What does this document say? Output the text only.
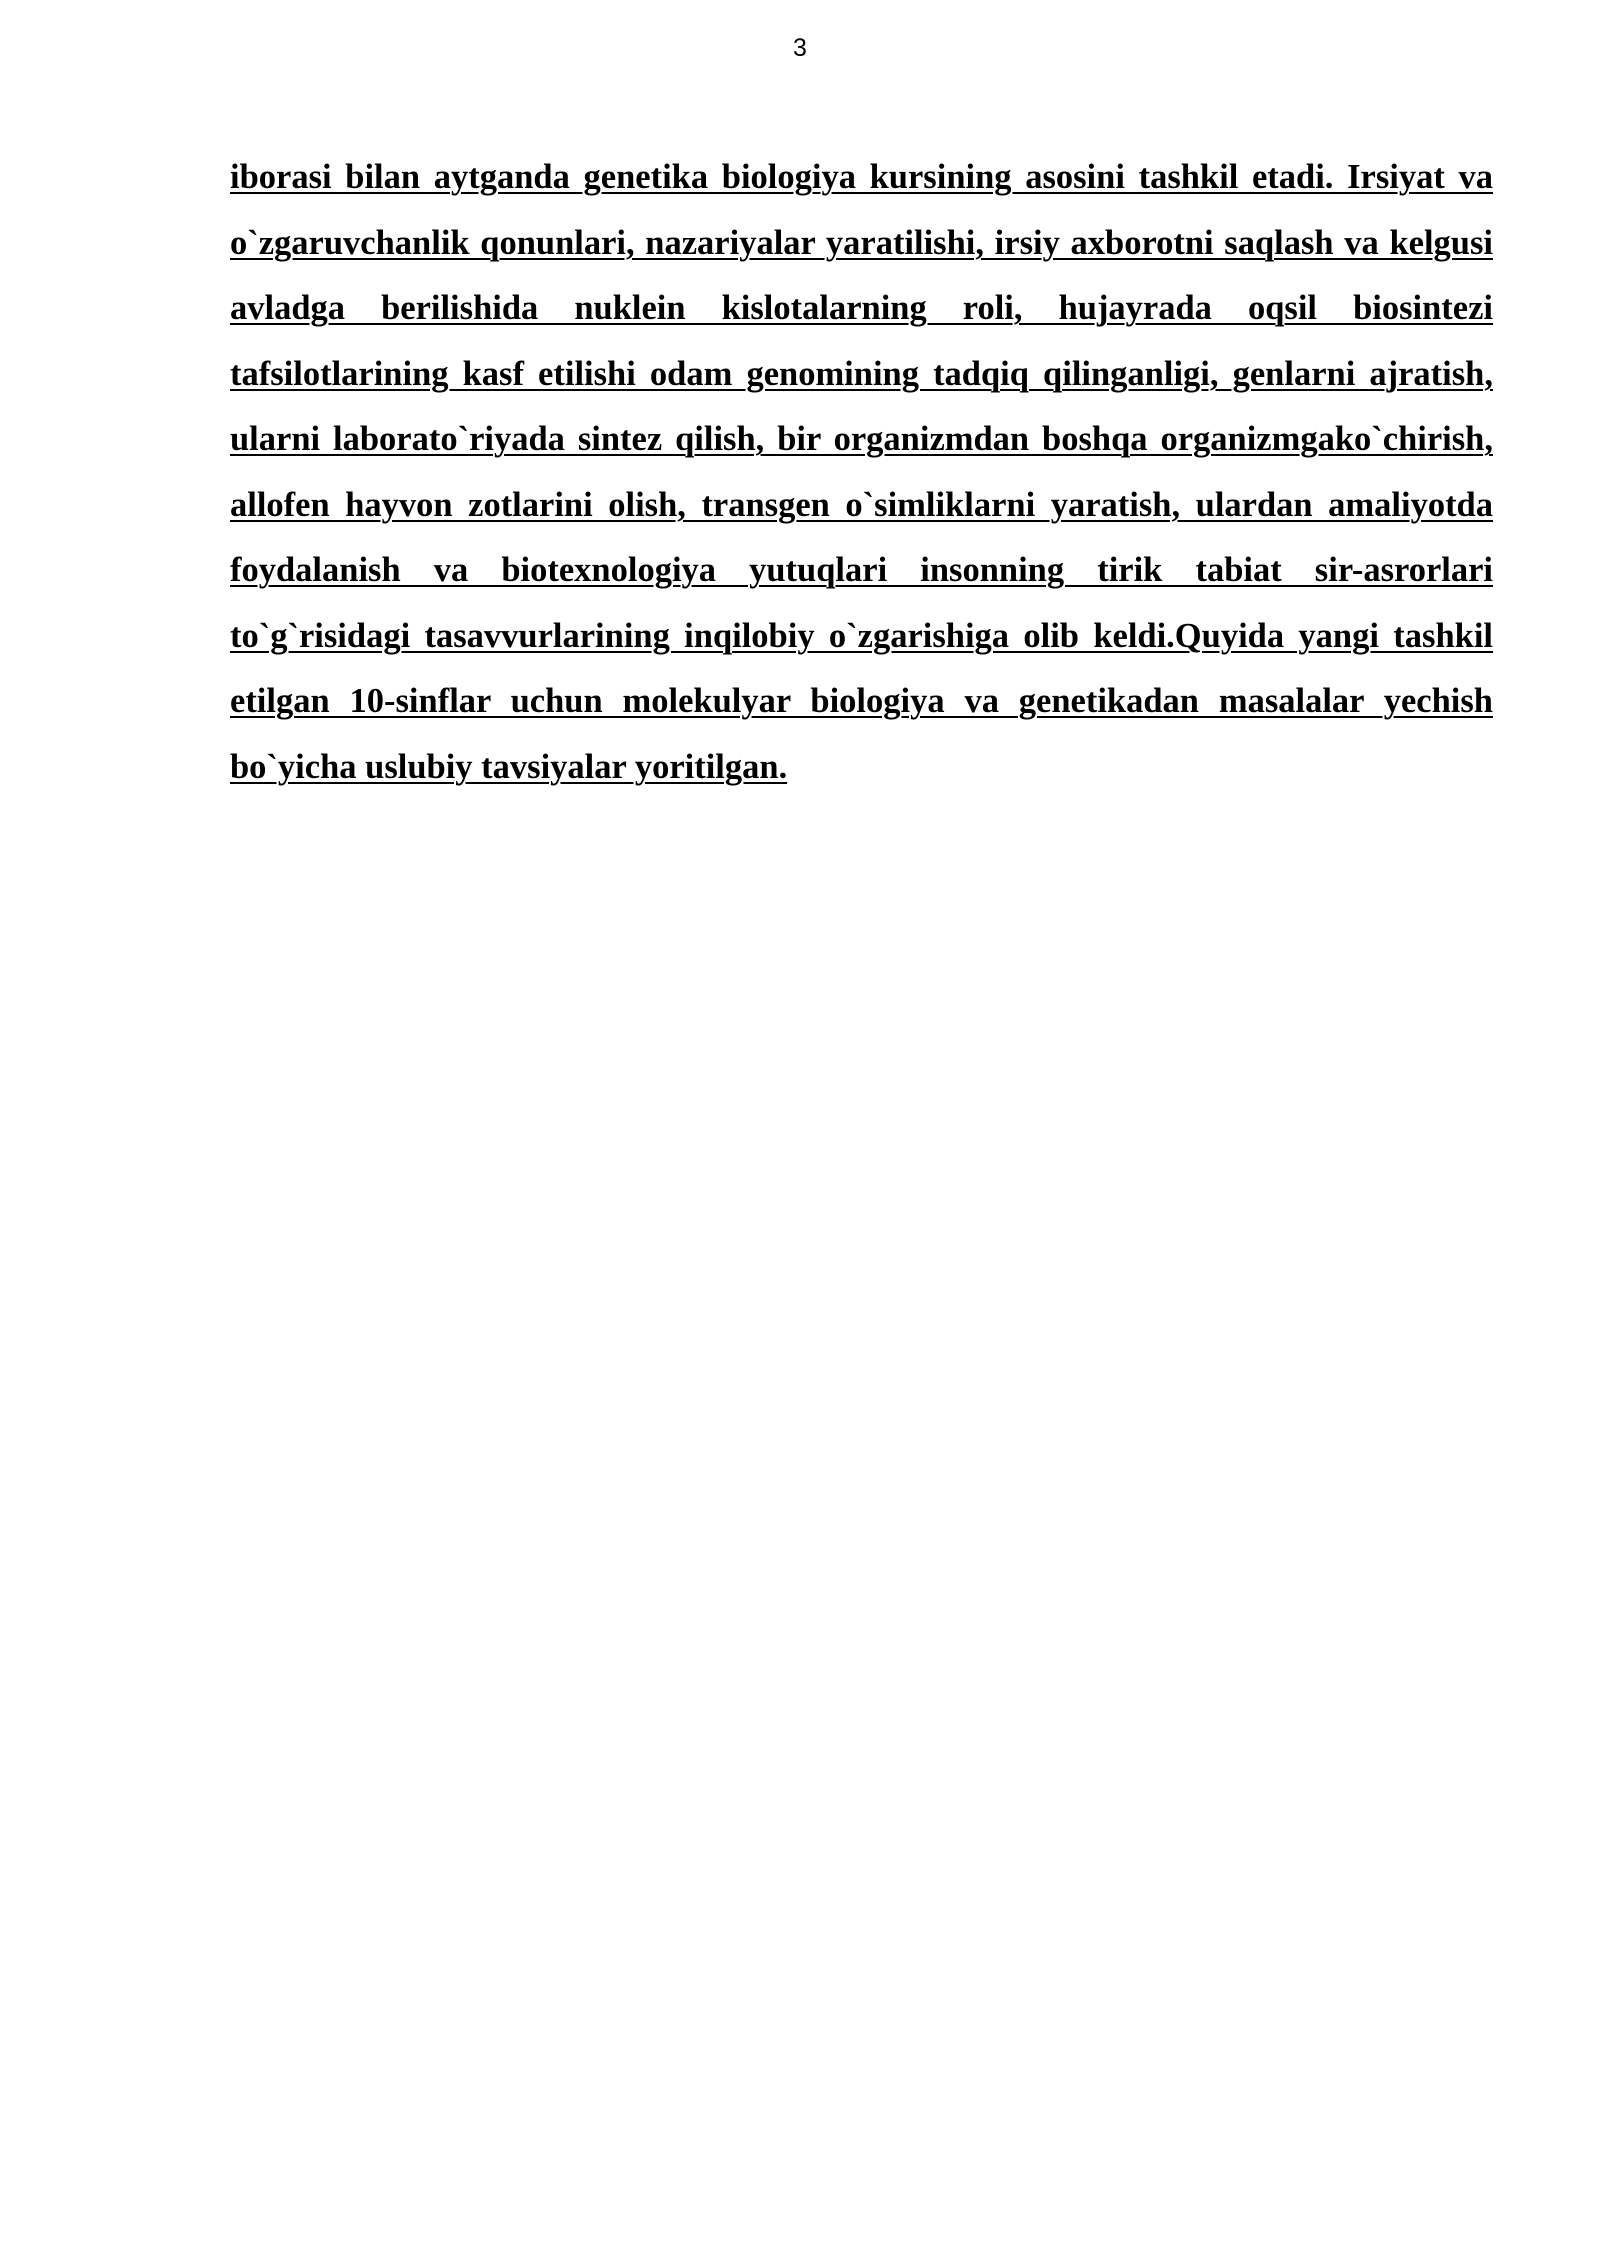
3

iborasi bilan aytganda genetika biologiya kursining asosini tashkil etadi. Irsiyat va o`zgaruvchanlik qonunlari, nazariyalar yaratilishi, irsiy axborotni saqlash va kelgusi avladga berilishida nuklein kislotalarning roli, hujayrada oqsil biosintezi tafsilotlarining kasf etilishi odam genomining tadqiq qilinganligi, genlarni ajratish, ularni laborato`riyada sintez qilish, bir organizmdan boshqa organizmgako`chirish, allofen hayvon zotlarini olish, transgen o`simliklarni yaratish, ulardan amaliyotda foydalanish va biotexnologiya yutuqlari insonning tirik tabiat sir-asrorlari to`g`risidagi tasavvurlarining inqilobiy o`zgarishiga olib keldi.Quyida yangi tashkil etilgan 10-sinflar uchun molekulyar biologiya va genetikadan masalalar yechish bo`yicha uslubiy tavsiyalar yoritilgan.
